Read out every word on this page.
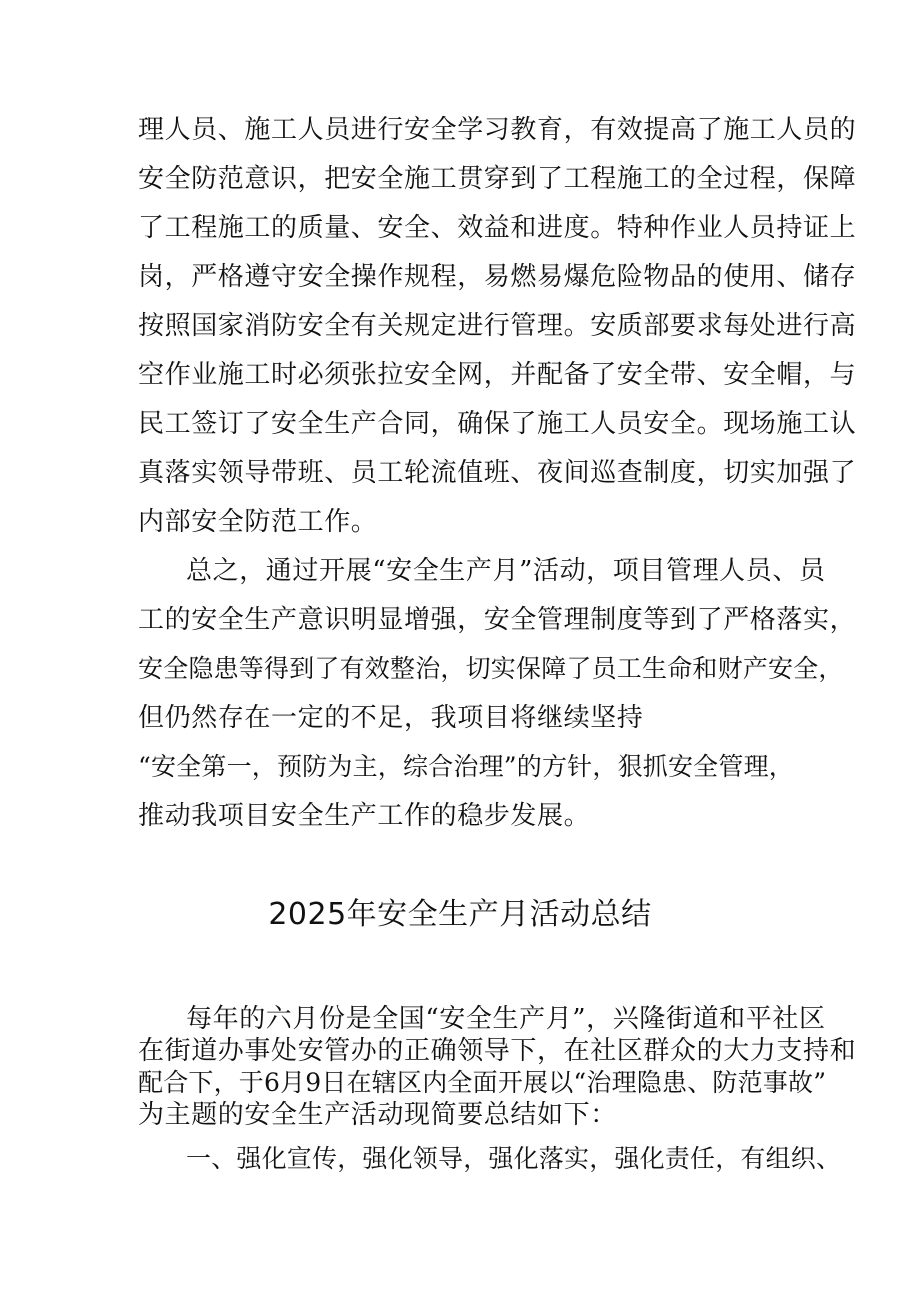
理人员、施工人员进行安全学习教育，有效提高了施工人员的
安全防范意识，把安全施工贯穿到了工程施工的全过程，保障
了工程施工的质量、安全、效益和进度。特种作业人员持证上
岗，严格遵守安全操作规程，易燃易爆危险物品的使用、储存
按照国家消防安全有关规定进行管理。安质部要求每处进行高
空作业施工时必须张拉安全网，并配备了安全带、安全帽，与
民工签订了安全生产合同，确保了施工人员安全。现场施工认
真落实领导带班、员工轮流值班、夜间巡查制度，切实加强了
内部安全防范工作。
总之，通过开展“安全生产月”活动，项目管理人员、员
工的安全生产意识明显增强，安全管理制度等到了严格落实，
安全隐患等得到了有效整治，切实保障了员工生命和财产安全，
但仍然存在一定的不足，我项目将继续坚持
“安全第一，预防为主，综合治理”的方针，狠抓安全管理，
推动我项目安全生产工作的稳步发展。
2025年安全生产月活动总结
每年的六月份是全国“安全生产月”，兴隆街道和平社区
在街道办事处安管办的正确领导下，在社区群众的大力支持和
配合下，于6月9日在辖区内全面开展以“治理隐患、防范事故”
为主题的安全生产活动现简要总结如下：
一、强化宣传，强化领导，强化落实，强化责任，有组织、
